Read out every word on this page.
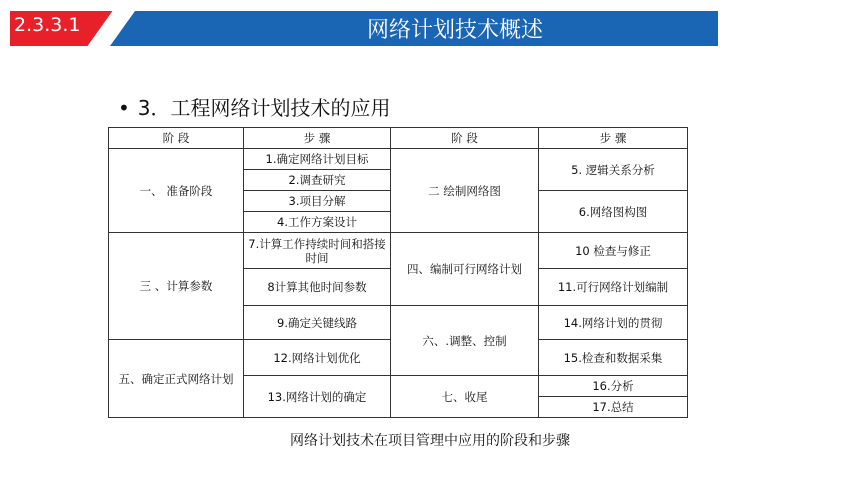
2.3.3.1	网络计划技术概述
• 3．工程网络计划技术的应用
阶 段	步 骤	阶 段	步 骤
一、 准备阶段	1.确定网络计划目标	二 绘制网络图	5. 逻辑关系分析
	2.调查研究		
	3.项目分解		6.网络图构图
	4.工作方案设计		
三 、计算参数	7.计算工作持续时间和搭接时间	四、编制可行网络计划	10 检查与修正
	8计算其他时间参数		11.可行网络计划编制
	9.确定关键线路	六、.调整、控制	14.网络计划的贯彻
五、确定正式网络计划	12.网络计划优化		15.检查和数据采集
	13.网络计划的确定	七、收尾	16.分析
			17.总结
网络计划技术在项目管理中应用的阶段和步骤
